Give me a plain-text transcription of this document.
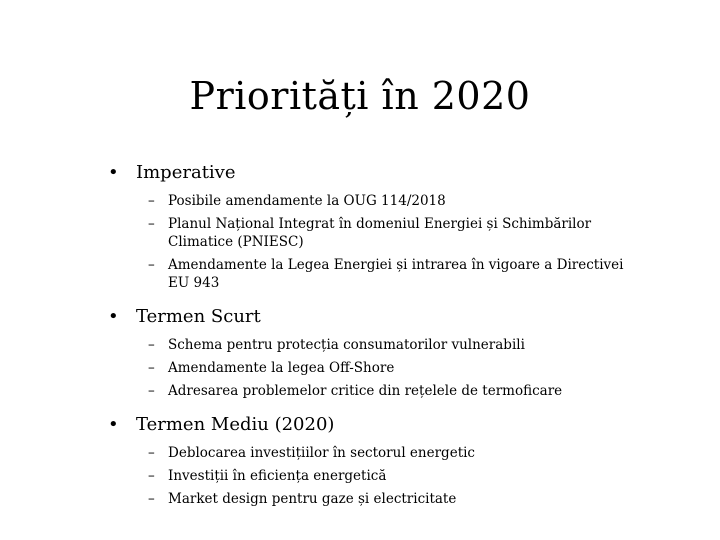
Priorități în 2020
• Imperative
– Posibile amendamente la OUG 114/2018
– Planul Național Integrat în domeniul Energiei și Schimbărilor Climatice (PNIESC)
– Amendamente la Legea Energiei și intrarea în vigoare a Directivei EU 943
• Termen Scurt
– Schema pentru protecția consumatorilor vulnerabili
– Amendamente la legea Off-Shore
– Adresarea problemelor critice din rețelele de termoficare
• Termen Mediu (2020)
– Deblocarea investițiilor în sectorul energetic
– Investiții în eficiența energetică
– Market design pentru gaze și electricitate
